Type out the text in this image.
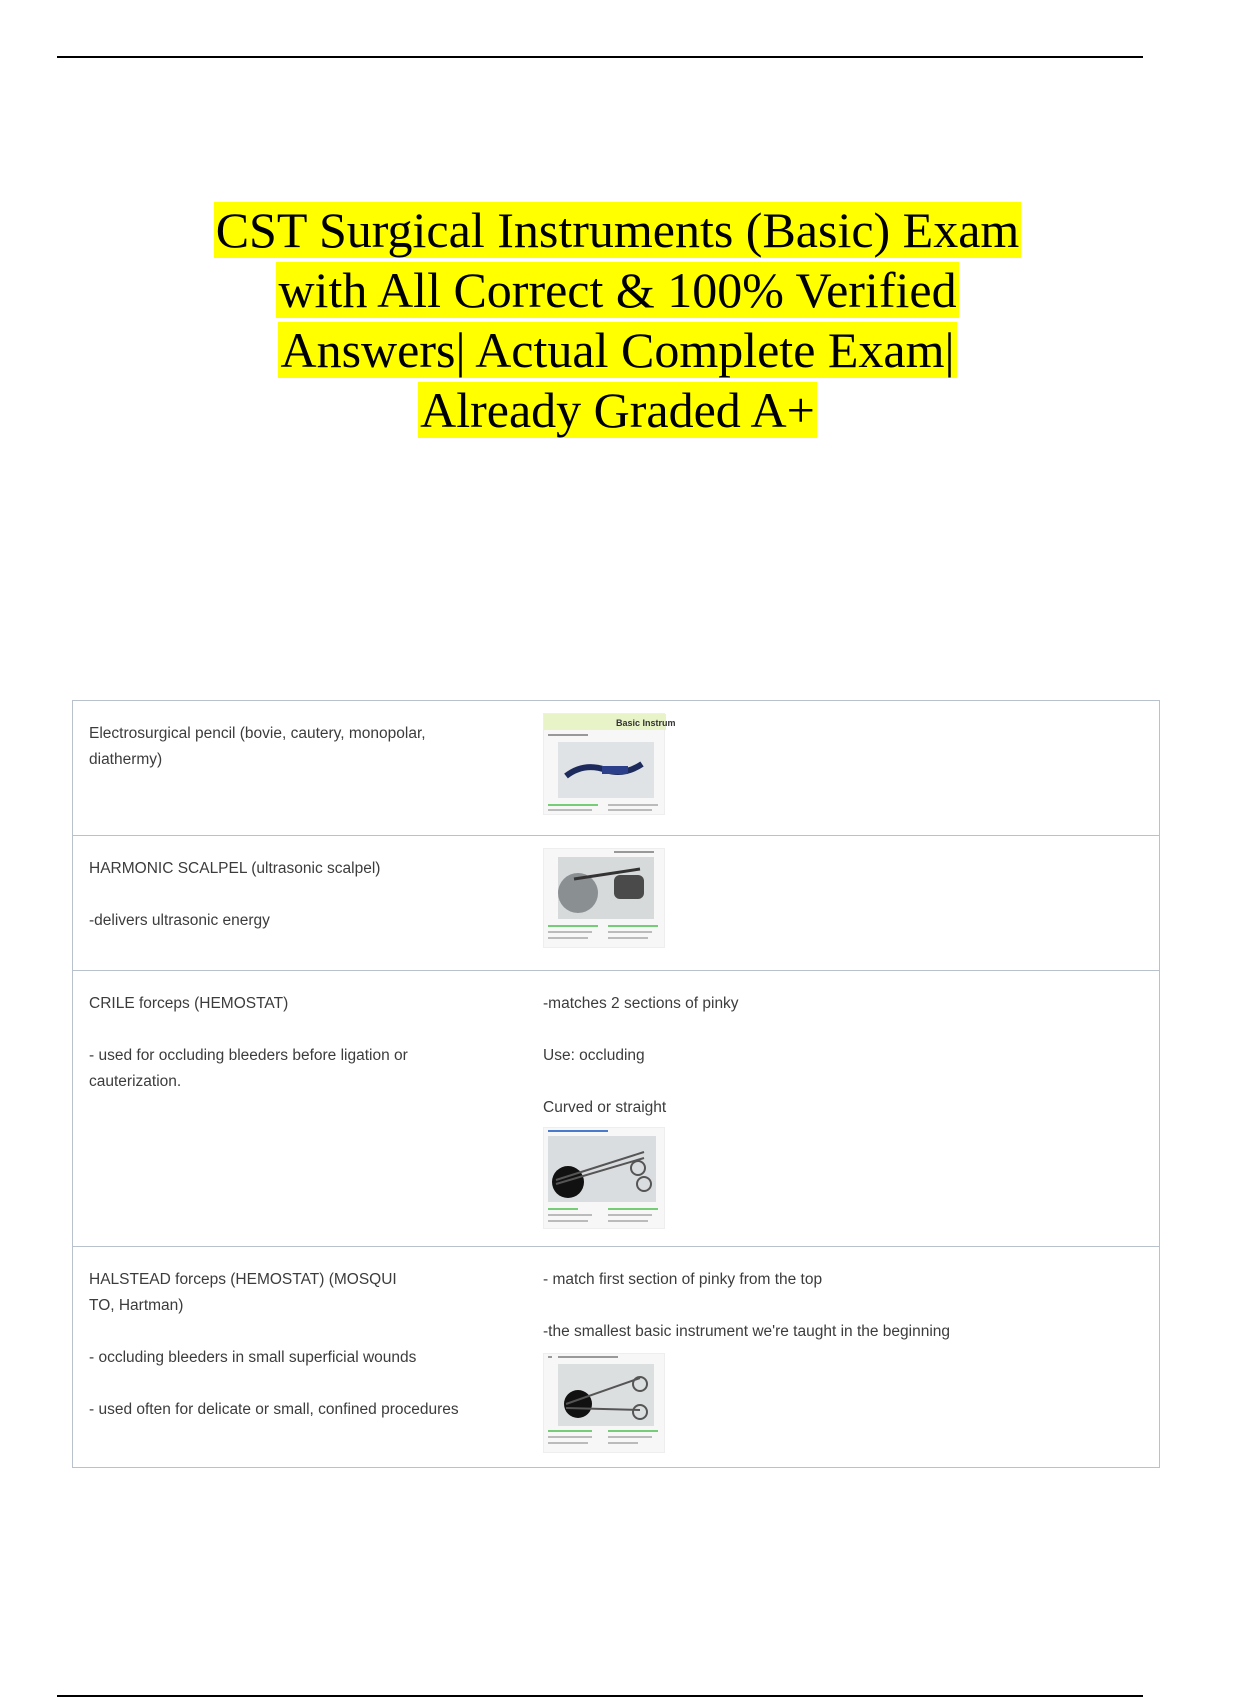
CST Surgical Instruments (Basic) Exam
with All Correct & 100% Verified
Answers| Actual Complete Exam|
Already Graded A+
Electrosurgical pencil (bovie, cautery, monopolar, diathermy)
Basic Instrum
HARMONIC SCALPEL (ultrasonic scalpel)
-delivers ultrasonic energy
CRILE forceps (HEMOSTAT)
- used for occluding bleeders before ligation or cauterization.
-matches 2 sections of pinky
Use: occluding
Curved or straight
HALSTEAD forceps (HEMOSTAT) (MOSQUI TO, Hartman)
- occluding bleeders in small superficial wounds
- used often for delicate or small, confined procedures
- match first section of pinky from the top
-the smallest basic instrument we're taught in the beginning
